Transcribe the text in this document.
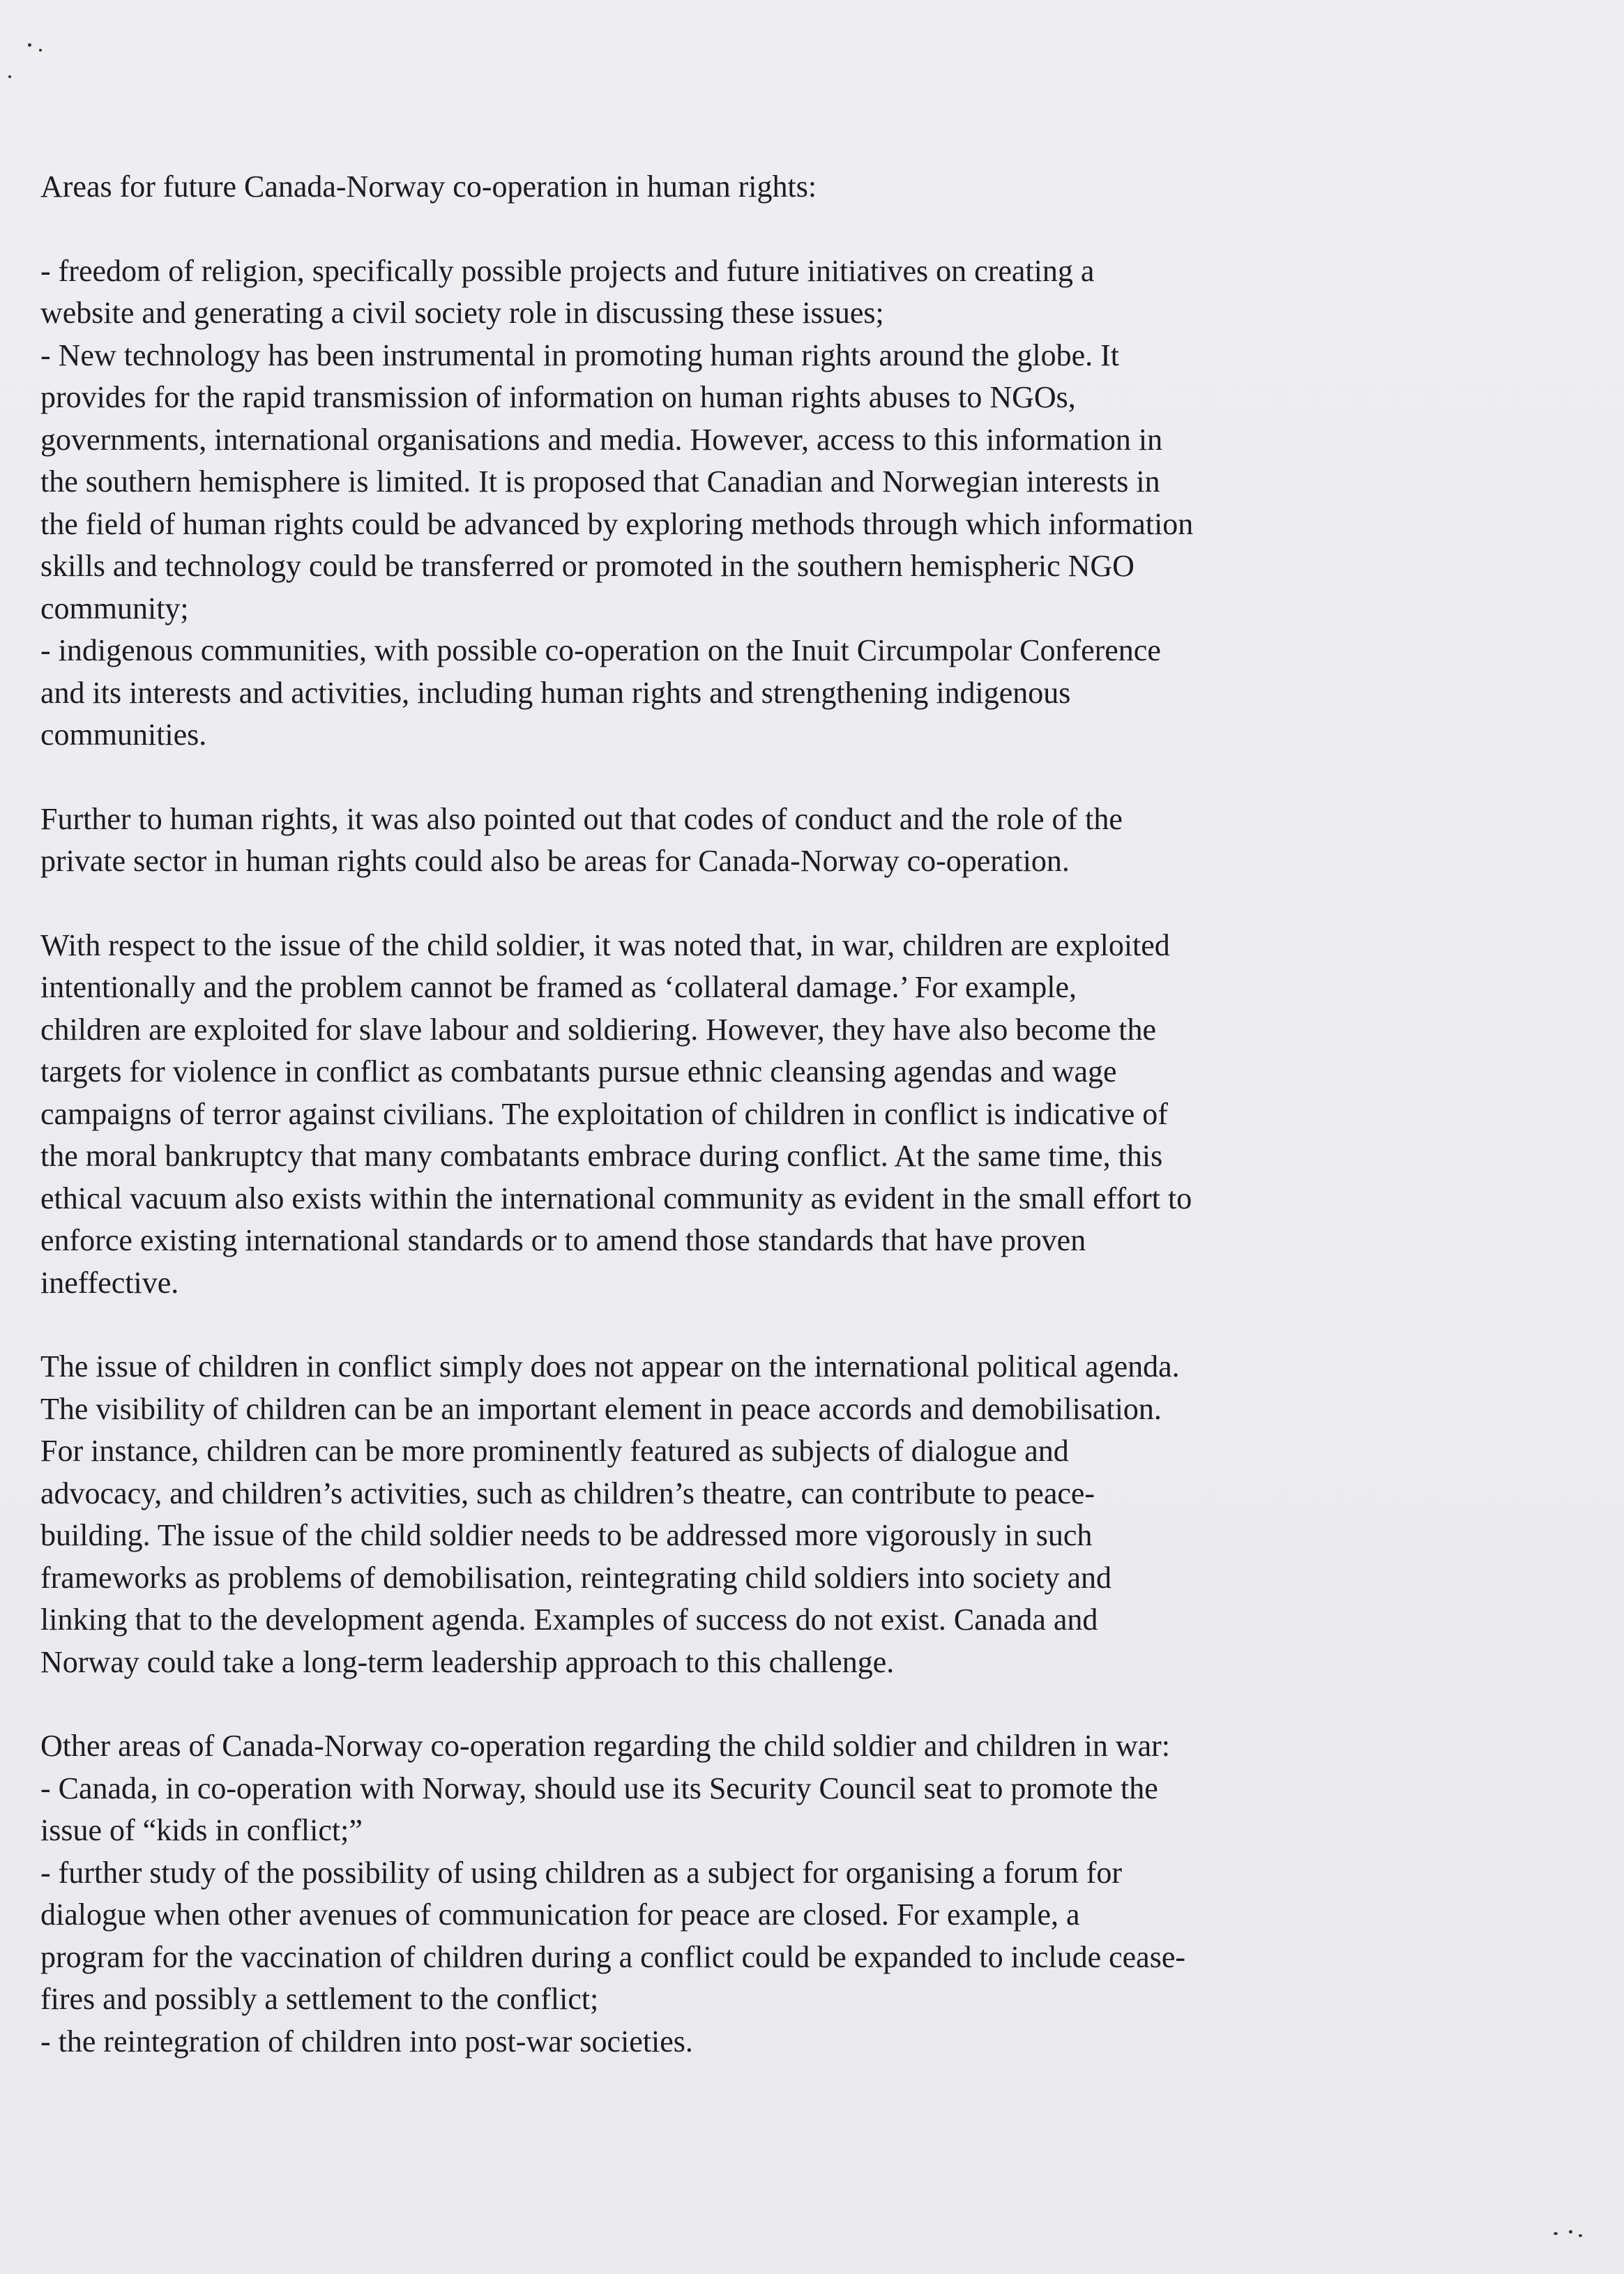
Areas for future Canada-Norway co-operation in human rights:
- freedom of religion, specifically possible projects and future initiatives on creating a
website and generating a civil society role in discussing these issues;
- New technology has been instrumental in promoting human rights around the globe. It
provides for the rapid transmission of information on human rights abuses to NGOs,
governments, international organisations and media. However, access to this information in
the southern hemisphere is limited. It is proposed that Canadian and Norwegian interests in
the field of human rights could be advanced by exploring methods through which information
skills and technology could be transferred or promoted in the southern hemispheric NGO
community;
- indigenous communities, with possible co-operation on the Inuit Circumpolar Conference
and its interests and activities, including human rights and strengthening indigenous
communities.
Further to human rights, it was also pointed out that codes of conduct and the role of the
private sector in human rights could also be areas for Canada-Norway co-operation.
With respect to the issue of the child soldier, it was noted that, in war, children are exploited
intentionally and the problem cannot be framed as ‘collateral damage.’ For example,
children are exploited for slave labour and soldiering. However, they have also become the
targets for violence in conflict as combatants pursue ethnic cleansing agendas and wage
campaigns of terror against civilians. The exploitation of children in conflict is indicative of
the moral bankruptcy that many combatants embrace during conflict. At the same time, this
ethical vacuum also exists within the international community as evident in the small effort to
enforce existing international standards or to amend those standards that have proven
ineffective.
The issue of children in conflict simply does not appear on the international political agenda.
The visibility of children can be an important element in peace accords and demobilisation.
For instance, children can be more prominently featured as subjects of dialogue and
advocacy, and children’s activities, such as children’s theatre, can contribute to peace-
building. The issue of the child soldier needs to be addressed more vigorously in such
frameworks as problems of demobilisation, reintegrating child soldiers into society and
linking that to the development agenda. Examples of success do not exist. Canada and
Norway could take a long-term leadership approach to this challenge.
Other areas of Canada-Norway co-operation regarding the child soldier and children in war:
- Canada, in co-operation with Norway, should use its Security Council seat to promote the
issue of “kids in conflict;”
- further study of the possibility of using children as a subject for organising a forum for
dialogue when other avenues of communication for peace are closed. For example, a
program for the vaccination of children during a conflict could be expanded to include cease-
fires and possibly a settlement to the conflict;
- the reintegration of children into post-war societies.
